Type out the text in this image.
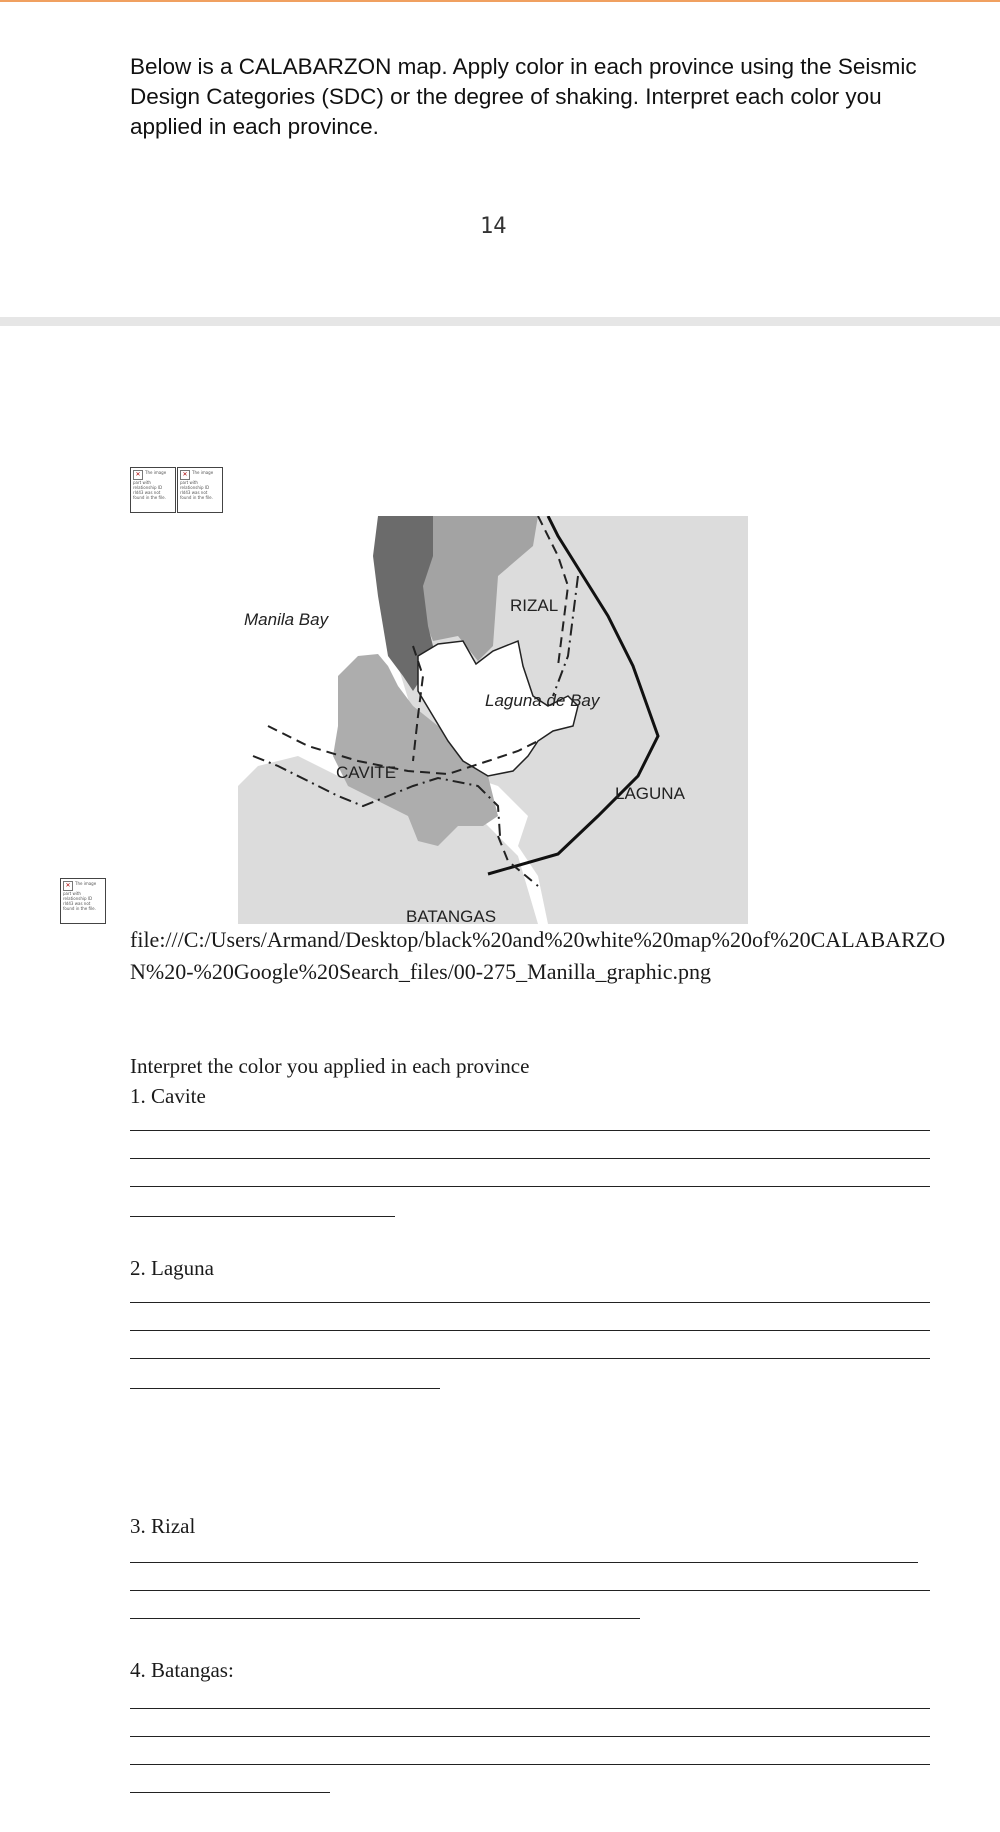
Below is a CALABARZON map. Apply color in each province using the Seismic Design Categories (SDC) or the degree of shaking. Interpret each color you applied in each province.

14
✕ The image part with relationship ID rId43 was not found in the file.
✕ The image part with relationship ID rId43 was not found in the file.
✕ The image part with relationship ID rId43 was not found in the file.
Manila Bay
RIZAL
Laguna de Bay
CAVITE
LAGUNA
BATANGAS

file:///C:/Users/Armand/Desktop/black%20and%20white%20map%20of%20CALABARZON%20-%20Google%20Search_files/00-275_Manilla_graphic.png

Interpret the color you applied in each province
1. Cavite
2. Laguna
3. Rizal
4. Batangas:
